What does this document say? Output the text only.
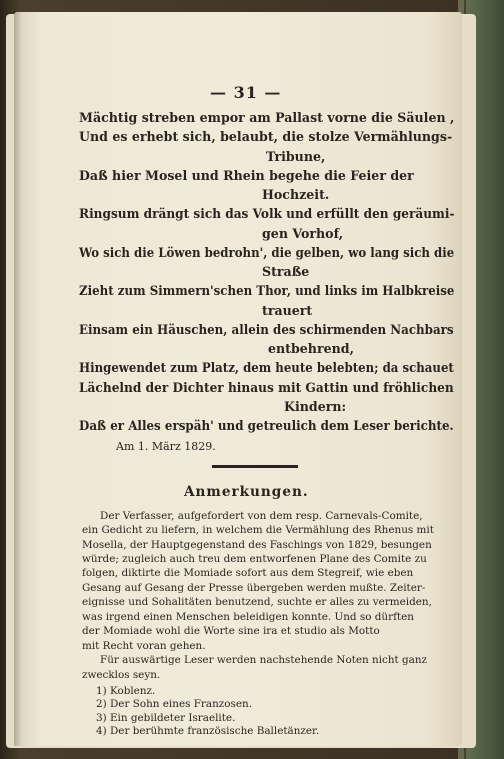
— 31 —
Mächtig streben empor am Pallast vorne die Säulen ,
Und es erhebt sich, belaubt, die stolze Vermählungs-
Tribune,
Daß hier Mosel und Rhein begehe die Feier der
Hochzeit.
Ringsum drängt sich das Volk und erfüllt den geräumi-
gen Vorhof,
Wo sich die Löwen bedrohn', die gelben, wo lang sich die
Straße
Zieht zum Simmern'schen Thor, und links im Halbkreise
trauert
Einsam ein Häuschen, allein des schirmenden Nachbars
entbehrend,
Hingewendet zum Platz, dem heute belebten; da schauet
Lächelnd der Dichter hinaus mit Gattin und fröhlichen
Kindern:
Daß er Alles erspäh' und getreulich dem Leser berichte.
Am 1. März 1829.
Anmerkungen.
Der Verfasser, aufgefordert von dem resp. Carnevals-Comite,
ein Gedicht zu liefern, in welchem die Vermählung des Rhenus mit
Mosella, der Hauptgegenstand des Faschings von 1829, besungen
würde; zugleich auch treu dem entworfenen Plane des Comite zu
folgen, diktirte die Momiade sofort aus dem Stegreif, wie eben
Gesang auf Gesang der Presse übergeben werden mußte. Zeiter-
eignisse und Sohalitäten benutzend, suchte er alles zu vermeiden,
was irgend einen Menschen beleidigen konnte. Und so dürften
der Momiade wohl die Worte sine ira et studio als Motto
mit Recht voran gehen.
Für auswärtige Leser werden nachstehende Noten nicht ganz
zwecklos seyn.
1) Koblenz.
2) Der Sohn eines Franzosen.
3) Ein gebildeter Israelite.
4) Der berühmte französische Balletänzer.
